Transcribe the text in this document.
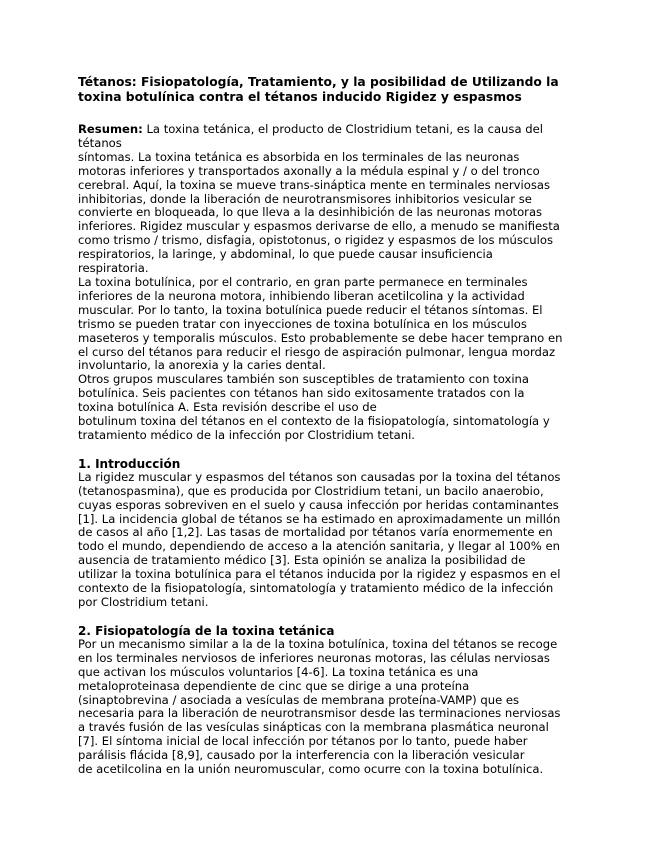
Tétanos: Fisiopatología, Tratamiento, y la posibilidad de Utilizando la
toxina botulínica contra el tétanos inducido Rigidez y espasmos
Resumen: La toxina tetánica, el producto de Clostridium tetani, es la causa del
tétanos
síntomas. La toxina tetánica es absorbida en los terminales de las neuronas
motoras inferiores y transportados axonally a la médula espinal y / o del tronco
cerebral. Aquí, la toxina se mueve trans-sináptica mente en terminales nerviosas
inhibitorias, donde la liberación de neurotransmisores inhibitorios vesicular se
convierte en bloqueada, lo que lleva a la desinhibición de las neuronas motoras
inferiores. Rigidez muscular y espasmos derivarse de ello, a menudo se manifiesta
como trismo / trismo, disfagia, opistotonus, o rigidez y espasmos de los músculos
respiratorios, la laringe, y abdominal, lo que puede causar insuficiencia
respiratoria.
La toxina botulínica, por el contrario, en gran parte permanece en terminales
inferiores de la neurona motora, inhibiendo liberan acetilcolina y la actividad
muscular. Por lo tanto, la toxina botulínica puede reducir el tétanos síntomas. El
trismo se pueden tratar con inyecciones de toxina botulínica en los músculos
maseteros y temporalis músculos. Esto probablemente se debe hacer temprano en
el curso del tétanos para reducir el riesgo de aspiración pulmonar, lengua mordaz
involuntario, la anorexia y la caries dental.
Otros grupos musculares también son susceptibles de tratamiento con toxina
botulínica. Seis pacientes con tétanos han sido exitosamente tratados con la
toxina botulínica A. Esta revisión describe el uso de
botulinum toxina del tétanos en el contexto de la fisiopatología, sintomatología y
tratamiento médico de la infección por Clostridium tetani.
1. Introducción
La rigidez muscular y espasmos del tétanos son causadas por la toxina del tétanos
(tetanospasmina), que es producida por Clostridium tetani, un bacilo anaerobio,
cuyas esporas sobreviven en el suelo y causa infección por heridas contaminantes
[1]. La incidencia global de tétanos se ha estimado en aproximadamente un millón
de casos al año [1,2]. Las tasas de mortalidad por tétanos varía enormemente en
todo el mundo, dependiendo de acceso a la atención sanitaria, y llegar al 100% en
ausencia de tratamiento médico [3]. Esta opinión se analiza la posibilidad de
utilizar la toxina botulínica para el tétanos inducida por la rigidez y espasmos en el
contexto de la fisiopatología, sintomatología y tratamiento médico de la infección
por Clostridium tetani.
2. Fisiopatología de la toxina tetánica
Por un mecanismo similar a la de la toxina botulínica, toxina del tétanos se recoge
en los terminales nerviosos de inferiores neuronas motoras, las células nerviosas
que activan los músculos voluntarios [4-6]. La toxina tetánica es una
metaloproteinasa dependiente de cinc que se dirige a una proteína
(sinaptobrevina / asociada a vesículas de membrana proteína-VAMP) que es
necesaria para la liberación de neurotransmisor desde las terminaciones nerviosas
a través fusión de las vesículas sinápticas con la membrana plasmática neuronal
[7]. El síntoma inicial de local infección por tétanos por lo tanto, puede haber
parálisis flácida [8,9], causado por la interferencia con la liberación vesicular
de acetilcolina en la unión neuromuscular, como ocurre con la toxina botulínica.
